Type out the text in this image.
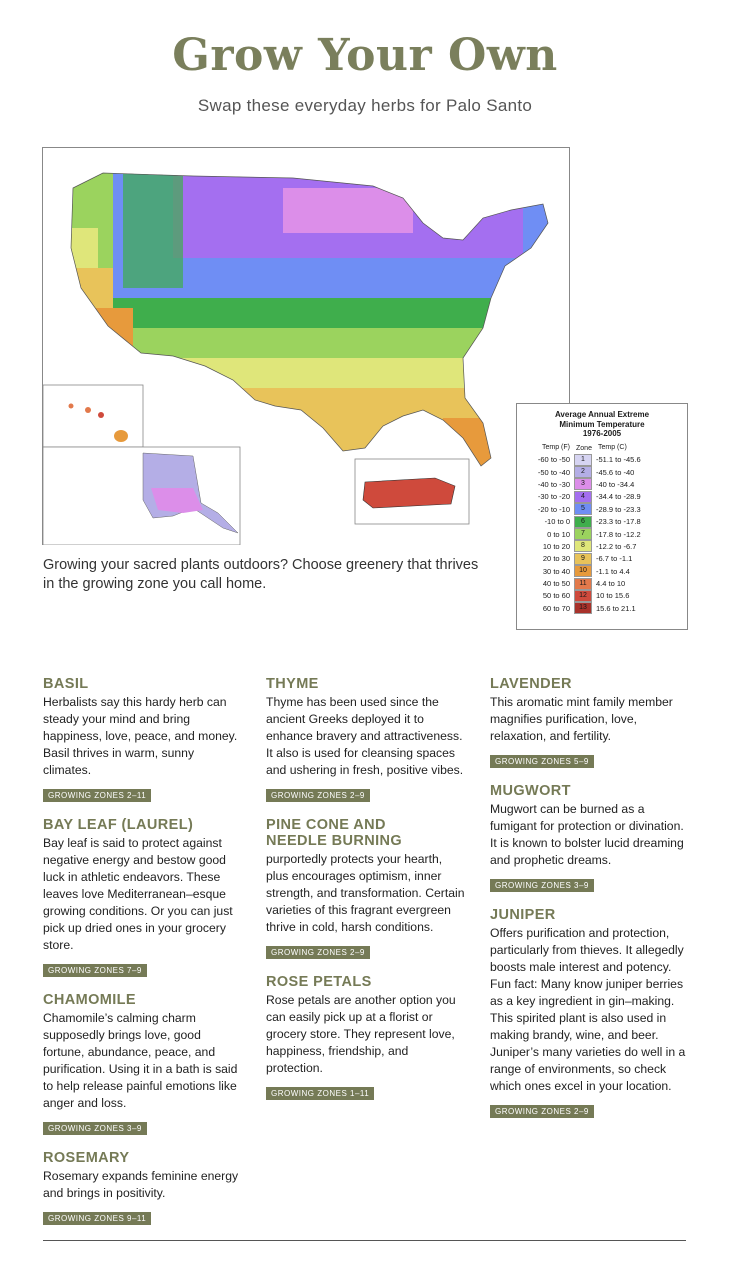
Grow Your Own
Swap these everyday herbs for Palo Santo
Average Annual Extreme
Minimum Temperature
1976-2005
Temp (F) Zone Temp (C)
-60 to -50	1	-51.1 to -45.6
-50 to -40	2	-45.6 to -40
-40 to -30	3	-40 to -34.4
-30 to -20	4	-34.4 to -28.9
-20 to -10	5	-28.9 to -23.3
-10 to 0	6	-23.3 to -17.8
0 to 10	7	-17.8 to -12.2
10 to 20	8	-12.2 to -6.7
20 to 30	9	-6.7 to -1.1
30 to 40	10	-1.1 to 4.4
40 to 50	11	4.4 to 10
50 to 60	12	10 to 15.6
60 to 70	13	15.6 to 21.1
Growing your sacred plants outdoors? Choose greenery that thrives in the growing zone you call home.
BASIL

Herbalists say this hardy herb can steady your mind and bring happiness, love, peace, and money. Basil thrives in warm, sunny climates.

GROWING ZONES 2–11
BAY LEAF (LAUREL)

Bay leaf is said to protect against negative energy and bestow good luck in athletic endeavors. These leaves love Mediterranean–esque growing conditions. Or you can just pick up dried ones in your grocery store.

GROWING ZONES 7–9
CHAMOMILE

Chamomile’s calming charm supposedly brings love, good fortune, abundance, peace, and purification. Using it in a bath is said to help release painful emotions like anger and loss.

GROWING ZONES 3–9
ROSEMARY

Rosemary expands feminine energy and brings in positivity.

GROWING ZONES 9–11
THYME

Thyme has been used since the ancient Greeks deployed it to enhance bravery and attractiveness. It also is used for cleansing spaces and ushering in fresh, positive vibes.

GROWING ZONES 2–9
PINE CONE AND NEEDLE BURNING

purportedly protects your hearth, plus encourages optimism, inner strength, and transformation. Certain varieties of this fragrant evergreen thrive in cold, harsh conditions.

GROWING ZONES 2–9
ROSE PETALS

Rose petals are another option you can easily pick up at a florist or grocery store. They represent love, happiness, friendship, and protection.

GROWING ZONES 1–11
LAVENDER

This aromatic mint family member magnifies purification, love, relaxation, and fertility.

GROWING ZONES 5–9
MUGWORT

Mugwort can be burned as a fumigant for protection or divination. It is known to bolster lucid dreaming and prophetic dreams.

GROWING ZONES 3–9
JUNIPER

Offers purification and protection, particularly from thieves. It allegedly boosts male interest and potency. Fun fact: Many know juniper berries as a key ingredient in gin–making. This spirited plant is also used in making brandy, wine, and beer. Juniper’s many varieties do well in a range of environments, so check which ones excel in your location.

GROWING ZONES 2–9
